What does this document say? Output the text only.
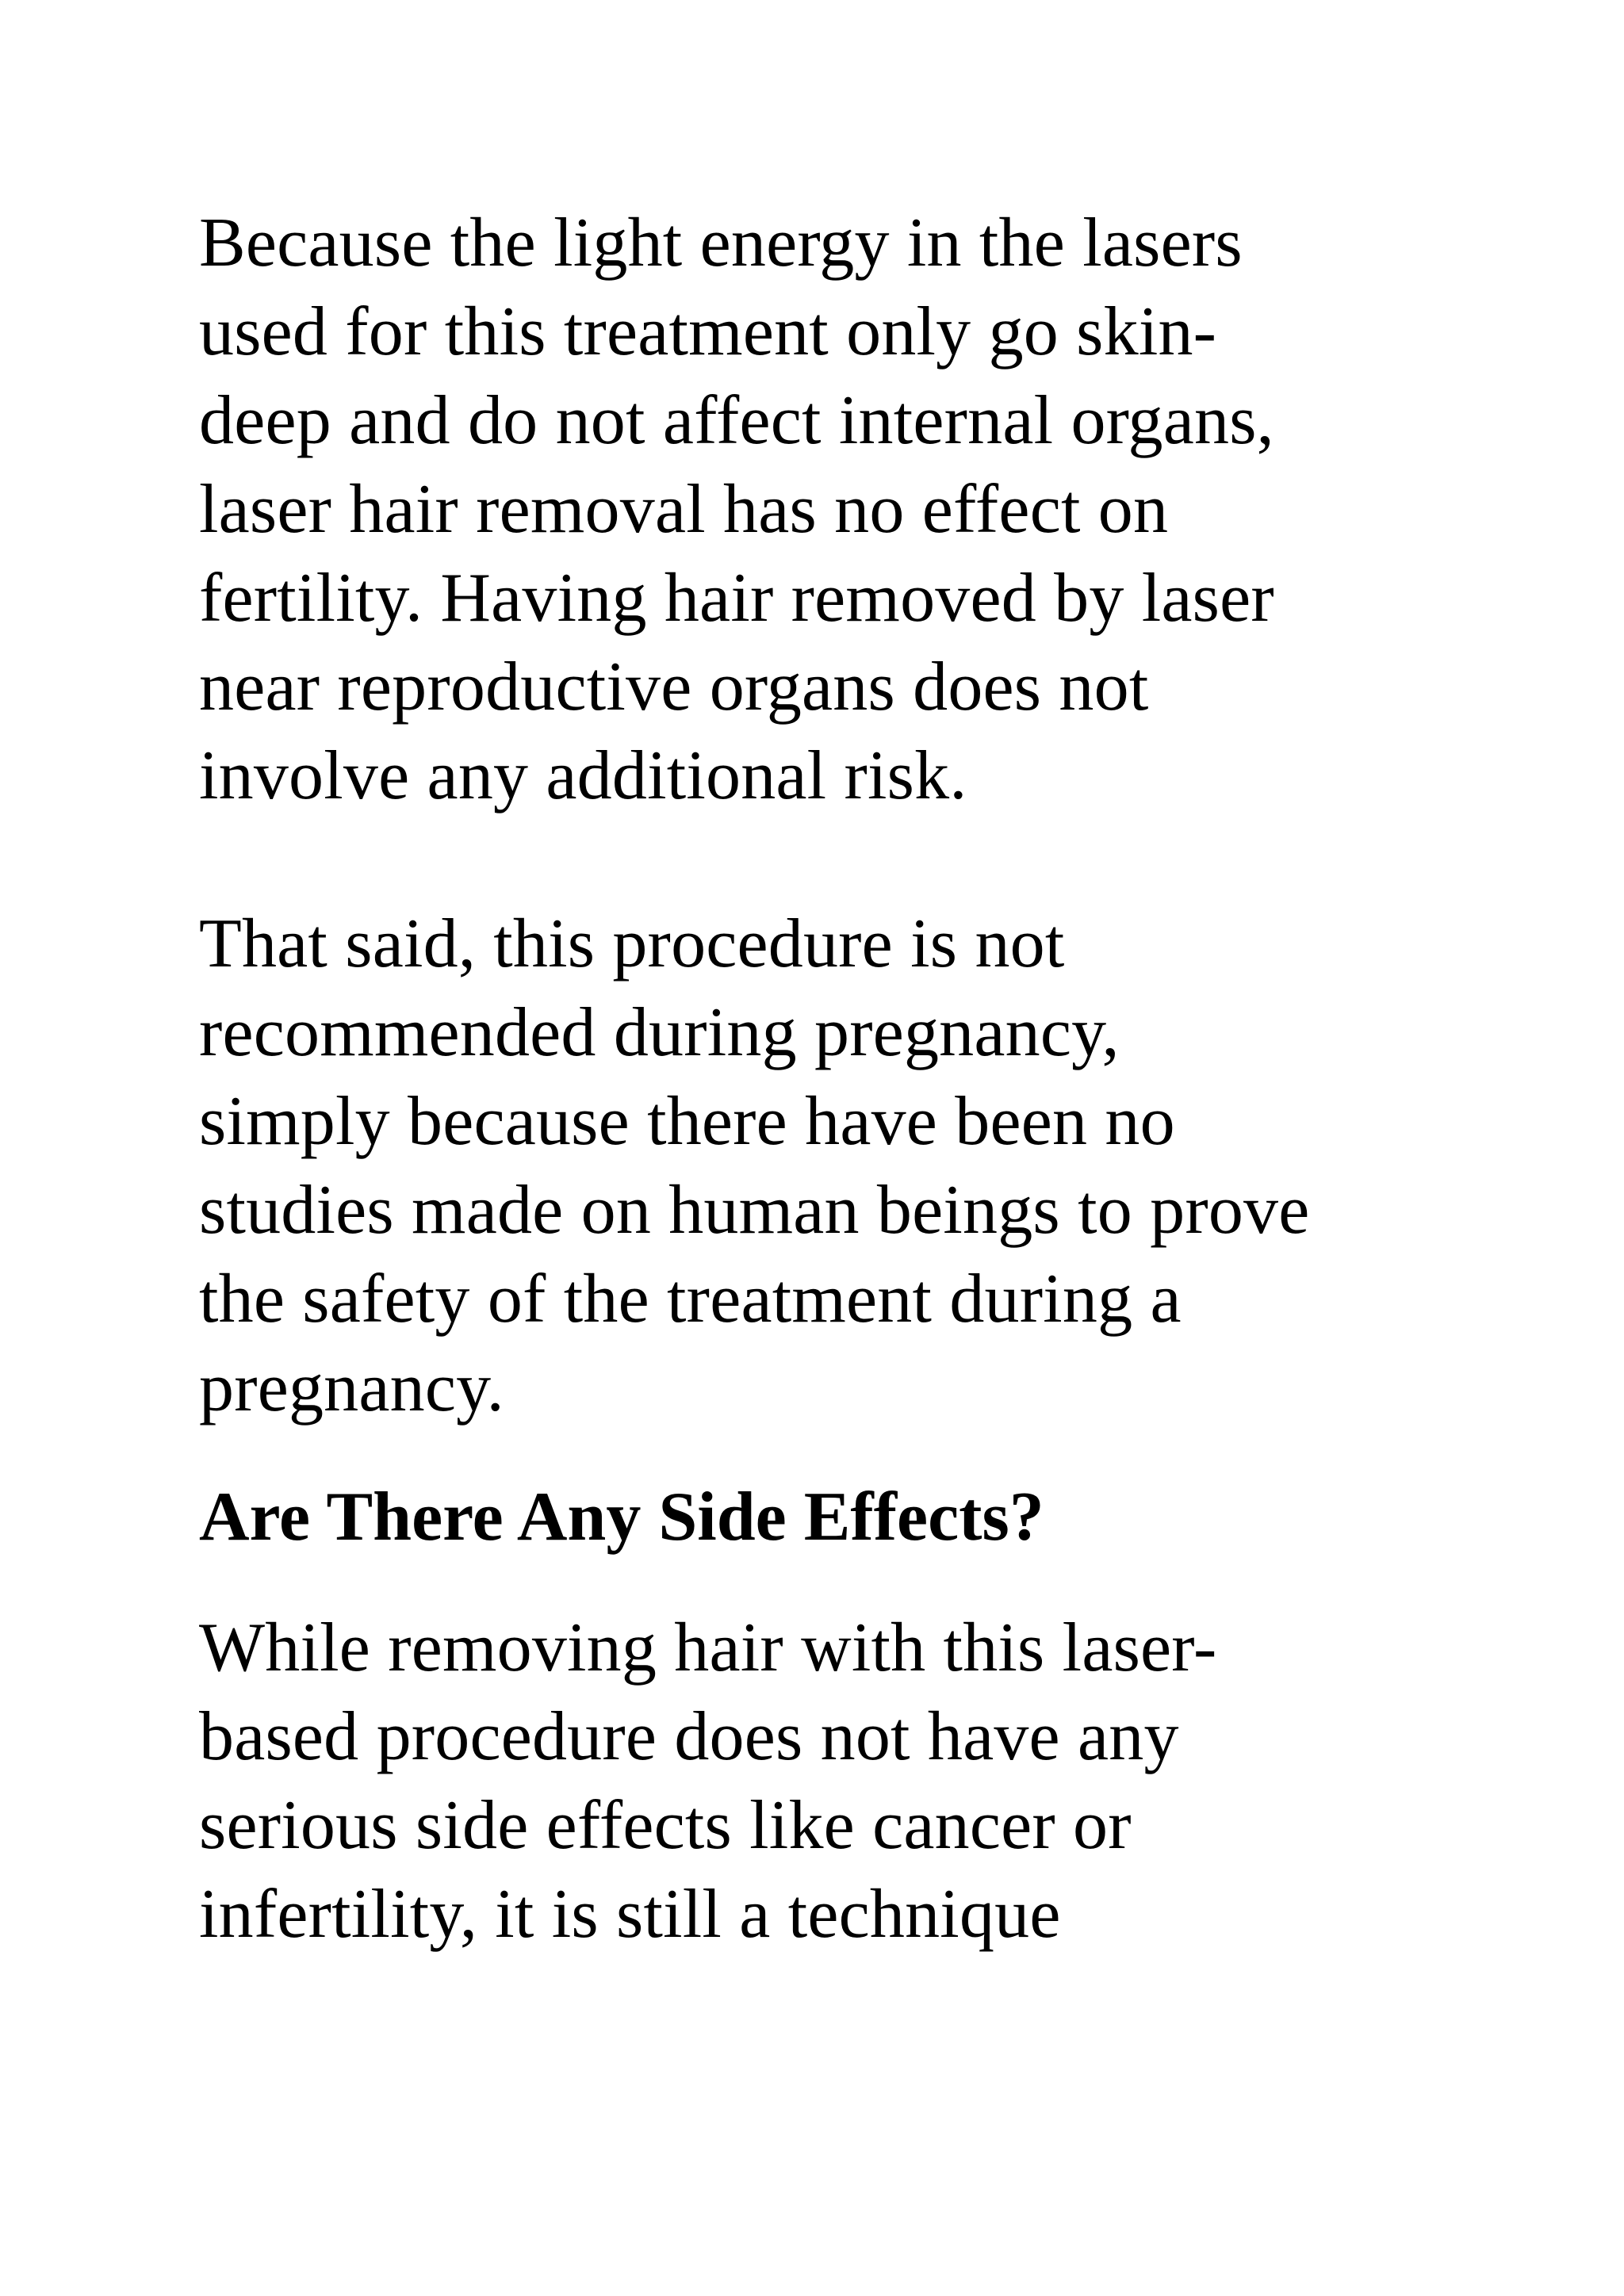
Because the light energy in the lasers
used for this treatment only go skin-
deep and do not affect internal organs,
laser hair removal has no effect on
fertility. Having hair removed by laser
near reproductive organs does not
involve any additional risk.

That said, this procedure is not
recommended during pregnancy,
simply because there have been no
studies made on human beings to prove
the safety of the treatment during a
pregnancy.

Are There Any Side Effects?

While removing hair with this laser-
based procedure does not have any
serious side effects like cancer or
infertility, it is still a technique
